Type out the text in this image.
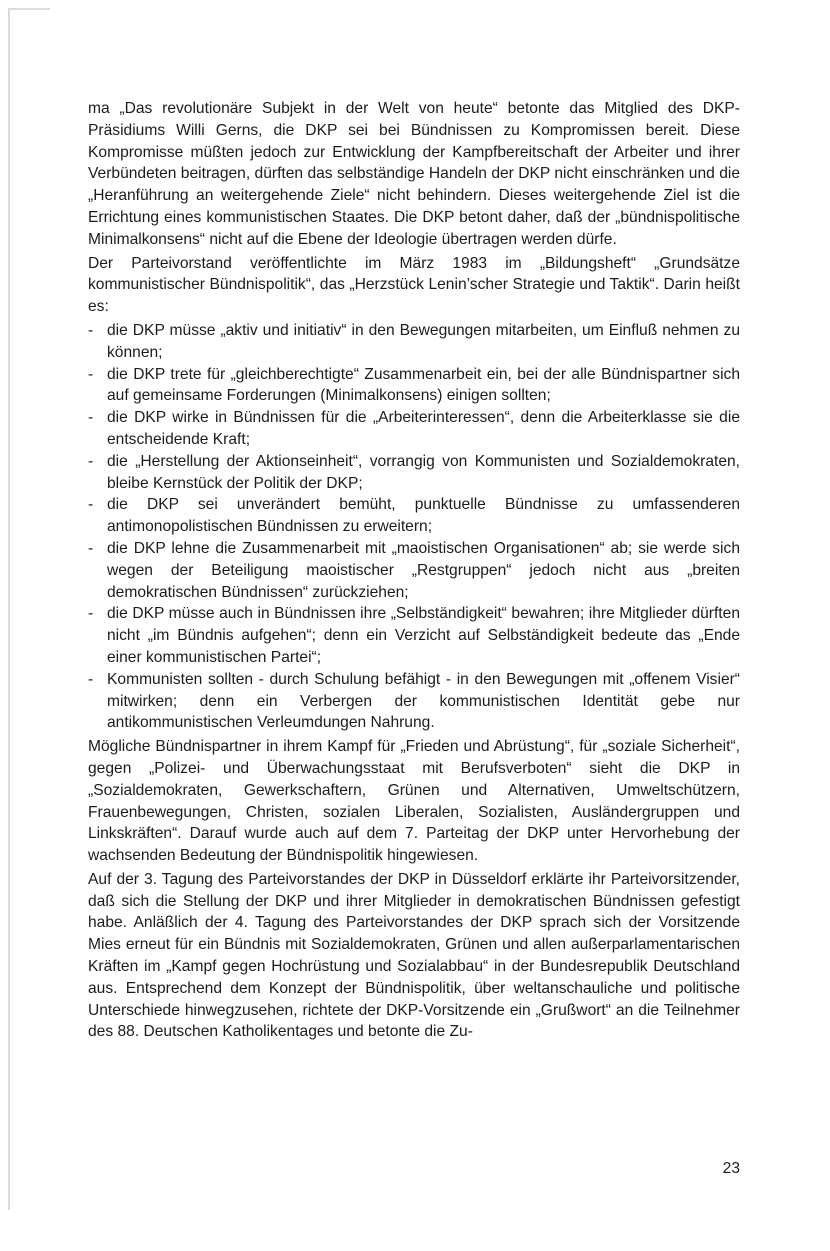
ma „Das revolutionäre Subjekt in der Welt von heute“ betonte das Mitglied des DKP-Präsidiums Willi Gerns, die DKP sei bei Bündnissen zu Kompromissen bereit. Diese Kompromisse müßten jedoch zur Entwicklung der Kampfbereitschaft der Arbeiter und ihrer Verbündeten beitragen, dürften das selbständige Handeln der DKP nicht einschränken und die „Heranführung an weitergehende Ziele“ nicht behindern. Dieses weitergehende Ziel ist die Errichtung eines kommunistischen Staates. Die DKP betont daher, daß der „bündnispolitische Minimalkonsens“ nicht auf die Ebene der Ideologie übertragen werden dürfe.

Der Parteivorstand veröffentlichte im März 1983 im „Bildungsheft“ „Grundsätze kommunistischer Bündnispolitik“, das „Herzstück Lenin’scher Strategie und Taktik“. Darin heißt es:

- die DKP müsse „aktiv und initiativ“ in den Bewegungen mitarbeiten, um Einfluß nehmen zu können;
- die DKP trete für „gleichberechtigte“ Zusammenarbeit ein, bei der alle Bündnispartner sich auf gemeinsame Forderungen (Minimalkonsens) einigen sollten;
- die DKP wirke in Bündnissen für die „Arbeiterinteressen“, denn die Arbeiterklasse sie die entscheidende Kraft;
- die „Herstellung der Aktionseinheit“, vorrangig von Kommunisten und Sozialdemokraten, bleibe Kernstück der Politik der DKP;
- die DKP sei unverändert bemüht, punktuelle Bündnisse zu umfassenderen antimonopolistischen Bündnissen zu erweitern;
- die DKP lehne die Zusammenarbeit mit „maoistischen Organisationen“ ab; sie werde sich wegen der Beteiligung maoistischer „Restgruppen“ jedoch nicht aus „breiten demokratischen Bündnissen“ zurückziehen;
- die DKP müsse auch in Bündnissen ihre „Selbständigkeit“ bewahren; ihre Mitglieder dürften nicht „im Bündnis aufgehen“; denn ein Verzicht auf Selbständigkeit bedeute das „Ende einer kommunistischen Partei“;
- Kommunisten sollten - durch Schulung befähigt - in den Bewegungen mit „offenem Visier“ mitwirken; denn ein Verbergen der kommunistischen Identität gebe nur antikommunistischen Verleumdungen Nahrung.

Mögliche Bündnispartner in ihrem Kampf für „Frieden und Abrüstung“, für „soziale Sicherheit“, gegen „Polizei- und Überwachungsstaat mit Berufsverboten“ sieht die DKP in „Sozialdemokraten, Gewerkschaftern, Grünen und Alternativen, Umweltschützern, Frauenbewegungen, Christen, sozialen Liberalen, Sozialisten, Ausländergruppen und Linkskräften“. Darauf wurde auch auf dem 7. Parteitag der DKP unter Hervorhebung der wachsenden Bedeutung der Bündnispolitik hingewiesen.

Auf der 3. Tagung des Parteivorstandes der DKP in Düsseldorf erklärte ihr Parteivorsitzender, daß sich die Stellung der DKP und ihrer Mitglieder in demokratischen Bündnissen gefestigt habe. Anläßlich der 4. Tagung des Parteivorstandes der DKP sprach sich der Vorsitzende Mies erneut für ein Bündnis mit Sozialdemokraten, Grünen und allen außerparlamentarischen Kräften im „Kampf gegen Hochrüstung und Sozialabbau“ in der Bundesrepublik Deutschland aus. Entsprechend dem Konzept der Bündnispolitik, über weltanschauliche und politische Unterschiede hinwegzusehen, richtete der DKP-Vorsitzende ein „Grußwort“ an die Teilnehmer des 88. Deutschen Katholikentages und betonte die Zu-

23
